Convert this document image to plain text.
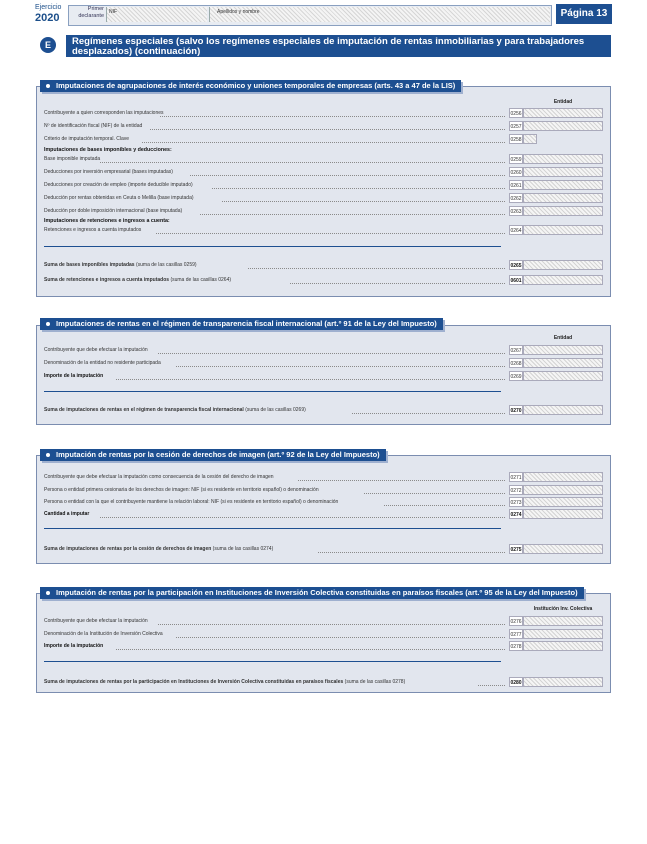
Ejercicio
2020
Primer declarante
NIF	Apellidos y nombre	Página 13
E	Regímenes especiales (salvo los regímenes especiales de imputación de rentas inmobiliarias y para trabajadores desplazados) (continuación)
Imputaciones de agrupaciones de interés económico y uniones temporales de empresas (arts. 43 a 47 de la LIS)
Entidad
Contribuyente a quien corresponden las imputaciones	0256
Nº de identificación fiscal (NIF) de la entidad	0257
Criterio de imputación temporal. Clave	0258
Imputaciones de bases imponibles y deducciones:
Base imponible imputada	0259
Deducciones por inversión empresarial (bases imputadas)	0260
Deducciones por creación de empleo (importe deducible imputado)	0261
Deducción por rentas obtenidas en Ceuta o Melilla (base imputada)	0262
Deducción por doble imposición internacional (base imputada)	0263
Imputaciones de retenciones e ingresos a cuenta:
Retenciones e ingresos a cuenta imputados	0264
Suma de bases imponibles imputadas (suma de las casillas 0259)	0265
Suma de retenciones e ingresos a cuenta imputados (suma de las casillas 0264)	0601
Imputaciones de rentas en el régimen de transparencia fiscal internacional (art.º 91 de la Ley del Impuesto)
Entidad
Contribuyente que debe efectuar la imputación	0267
Denominación de la entidad no residente participada	0268
Importe de la imputación	0269
Suma de imputaciones de rentas en el régimen de transparencia fiscal internacional (suma de las casillas 0269)	0270
Imputación de rentas por la cesión de derechos de imagen (art.º 92 de la Ley del Impuesto)
Contribuyente que debe efectuar la imputación como consecuencia de la cesión del derecho de imagen	0271
Persona o entidad primera cesionaria de los derechos de imagen: NIF (si es residente en territorio español) o denominación	0272
Persona o entidad con la que el contribuyente mantiene la relación laboral: NIF (si es residente en territorio español) o denominación	0273
Cantidad a imputar	0274
Suma de imputaciones de rentas por la cesión de derechos de imagen (suma de las casillas 0274)	0275
Imputación de rentas por la participación en Instituciones de Inversión Colectiva constituidas en paraísos fiscales (art.º 95 de la Ley del Impuesto)
Institución Inv. Colectiva
Contribuyente que debe efectuar la imputación	0276
Denominación de la Institución de Inversión Colectiva	0277
Importe de la imputación	0278
Suma de imputaciones de rentas por la participación en Instituciones de Inversión Colectiva constituidas en paraísos fiscales (suma de las casillas 0278)	0280
